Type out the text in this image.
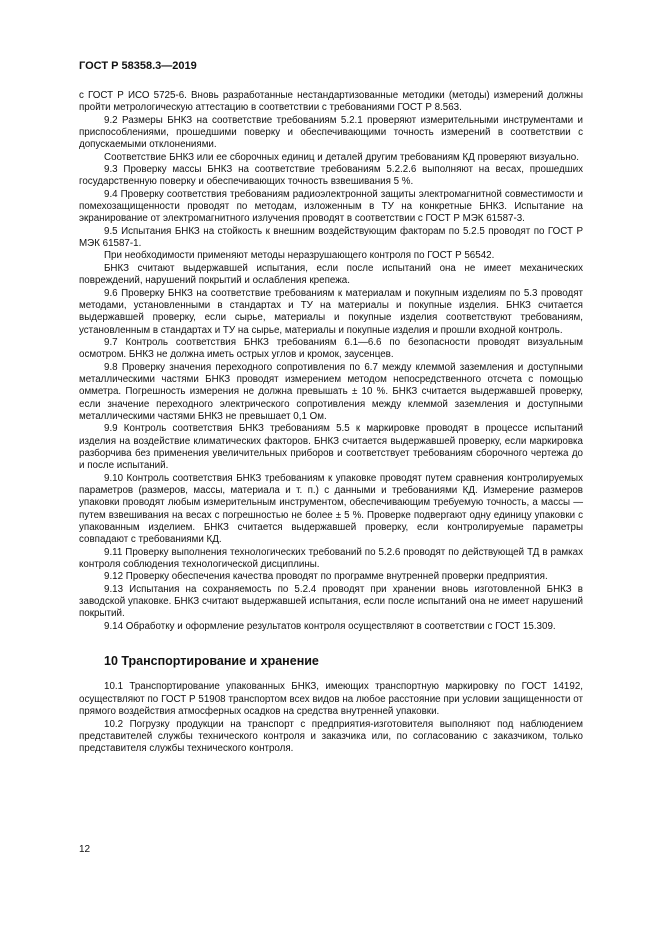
ГОСТ Р 58358.3—2019

с ГОСТ Р ИСО 5725-6. Вновь разработанные нестандартизованные методики (методы) измерений должны пройти метрологическую аттестацию в соответствии с требованиями ГОСТ Р 8.563.

9.2 Размеры БНКЗ на соответствие требованиям 5.2.1 проверяют измерительными инструментами и приспособлениями, прошедшими поверку и обеспечивающими точность измерений в соответствии с допускаемыми отклонениями.

Соответствие БНКЗ или ее сборочных единиц и деталей другим требованиям КД проверяют визуально.

9.3 Проверку массы БНКЗ на соответствие требованиям 5.2.2.6 выполняют на весах, прошедших государственную поверку и обеспечивающих точность взвешивания 5 %.

9.4 Проверку соответствия требованиям радиоэлектронной защиты электромагнитной совместимости и помехозащищенности проводят по методам, изложенным в ТУ на конкретные БНКЗ. Испытание на экранирование от электромагнитного излучения проводят в соответствии с ГОСТ Р МЭК 61587-3.

9.5 Испытания БНКЗ на стойкость к внешним воздействующим факторам по 5.2.5 проводят по ГОСТ Р МЭК 61587-1.

При необходимости применяют методы неразрушающего контроля по ГОСТ Р 56542.

БНКЗ считают выдержавшей испытания, если после испытаний она не имеет механических повреждений, нарушений покрытий и ослабления крепежа.

9.6 Проверку БНКЗ на соответствие требованиям к материалам и покупным изделиям по 5.3 проводят методами, установленными в стандартах и ТУ на материалы и покупные изделия. БНКЗ считается выдержавшей проверку, если сырье, материалы и покупные изделия соответствуют требованиям, установленным в стандартах и ТУ на сырье, материалы и покупные изделия и прошли входной контроль.

9.7 Контроль соответствия БНКЗ требованиям 6.1—6.6 по безопасности проводят визуальным осмотром. БНКЗ не должна иметь острых углов и кромок, заусенцев.

9.8 Проверку значения переходного сопротивления по 6.7 между клеммой заземления и доступными металлическими частями БНКЗ проводят измерением методом непосредственного отсчета с помощью омметра. Погрешность измерения не должна превышать ± 10 %. БНКЗ считается выдержавшей проверку, если значение переходного электрического сопротивления между клеммой заземления и доступными металлическими частями БНКЗ не превышает 0,1 Ом.

9.9 Контроль соответствия БНКЗ требованиям 5.5 к маркировке проводят в процессе испытаний изделия на воздействие климатических факторов. БНКЗ считается выдержавшей проверку, если маркировка разборчива без применения увеличительных приборов и соответствует требованиям сборочного чертежа до и после испытаний.

9.10 Контроль соответствия БНКЗ требованиям к упаковке проводят путем сравнения контролируемых параметров (размеров, массы, материала и т. п.) с данными и требованиями КД. Измерение размеров упаковки проводят любым измерительным инструментом, обеспечивающим требуемую точность, а массы — путем взвешивания на весах с погрешностью не более ± 5 %. Проверке подвергают одну единицу упаковки с упакованным изделием. БНКЗ считается выдержавшей проверку, если контролируемые параметры совпадают с требованиями КД.

9.11 Проверку выполнения технологических требований по 5.2.6 проводят по действующей ТД в рамках контроля соблюдения технологической дисциплины.

9.12 Проверку обеспечения качества проводят по программе внутренней проверки предприятия.

9.13 Испытания на сохраняемость по 5.2.4 проводят при хранении вновь изготовленной БНКЗ в заводской упаковке. БНКЗ считают выдержавшей испытания, если после испытаний она не имеет нарушений покрытий.

9.14 Обработку и оформление результатов контроля осуществляют в соответствии с ГОСТ 15.309.

10 Транспортирование и хранение

10.1 Транспортирование упакованных БНКЗ, имеющих транспортную маркировку по ГОСТ 14192, осуществляют по ГОСТ Р 51908 транспортом всех видов на любое расстояние при условии защищенности от прямого воздействия атмосферных осадков на средства внутренней упаковки.

10.2 Погрузку продукции на транспорт с предприятия-изготовителя выполняют под наблюдением представителей службы технического контроля и заказчика или, по согласованию с заказчиком, только представителя службы технического контроля.

12
